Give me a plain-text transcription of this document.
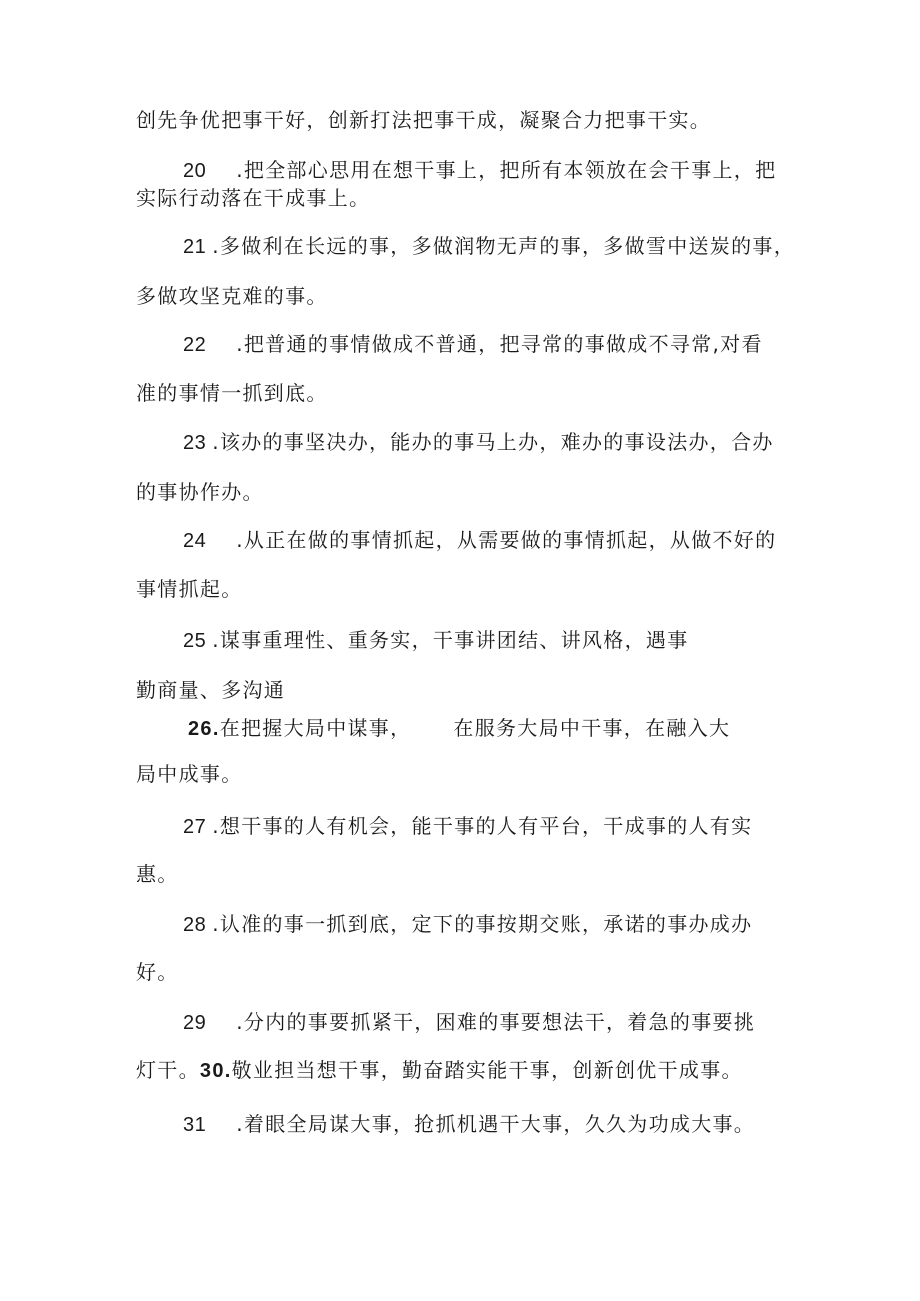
创先争优把事干好，创新打法把事干成，凝聚合力把事干实。
20 .把全部心思用在想干事上，把所有本领放在会干事上，把
实际行动落在干成事上。
21 .多做利在长远的事，多做润物无声的事，多做雪中送炭的事，
多做攻坚克难的事。
22 .把普通的事情做成不普通，把寻常的事做成不寻常,对看
准的事情一抓到底。
23 .该办的事坚决办，能办的事马上办，难办的事设法办，合办
的事协作办。
24 .从正在做的事情抓起，从需要做的事情抓起，从做不好的
事情抓起。
25 .谋事重理性、重务实，干事讲团结、讲风格，遇事
勤商量、多沟通
26.在把握大局中谋事， 在服务大局中干事，在融入大
局中成事。
27 .想干事的人有机会，能干事的人有平台，干成事的人有实
惠。
28 .认准的事一抓到底，定下的事按期交账，承诺的事办成办
好。
29 .分内的事要抓紧干，困难的事要想法干，着急的事要挑
灯干。30.敬业担当想干事，勤奋踏实能干事，创新创优干成事。
31 .着眼全局谋大事，抢抓机遇干大事，久久为功成大事。
